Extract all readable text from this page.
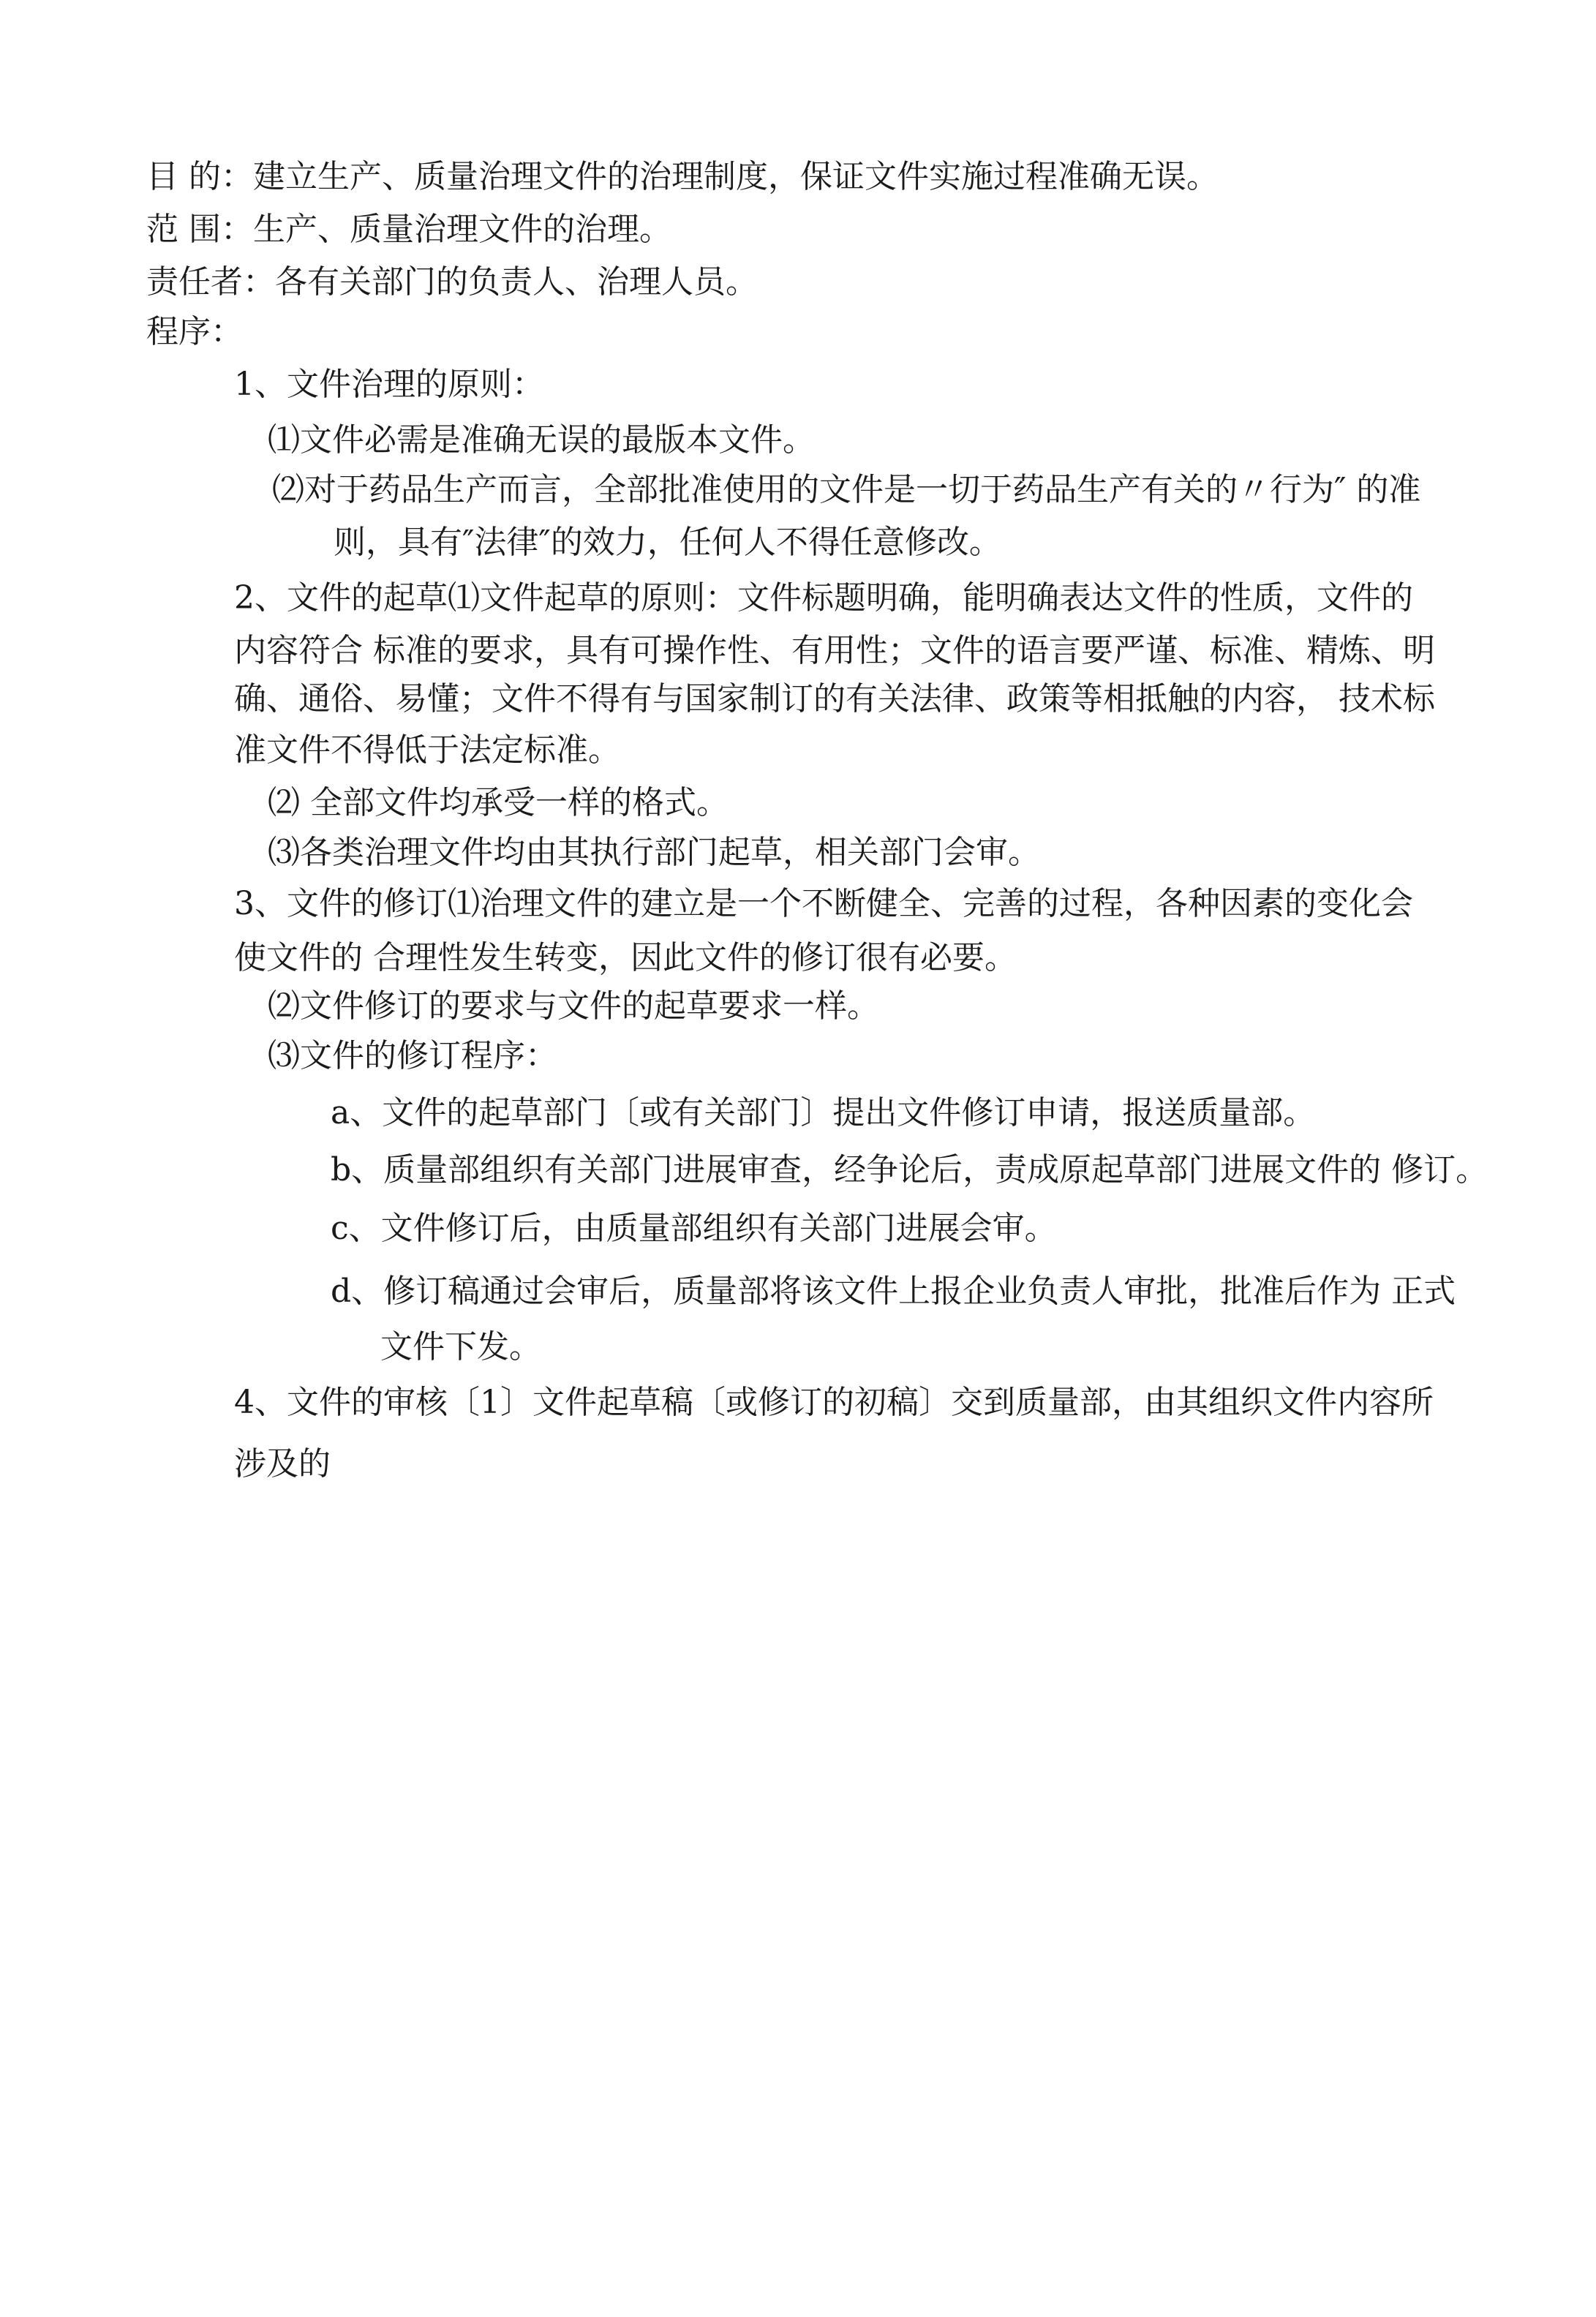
目 的：建立生产、质量治理文件的治理制度，保证文件实施过程准确无误。

范 围：生产、质量治理文件的治理。

责任者：各有关部门的负责人、治理人员。

程序：

1、文件治理的原则：

⑴文件必需是准确无误的最版本文件。

⑵对于药品生产而言，全部批准使用的文件是一切于药品生产有关的〃行为″ 的准

则，具有″法律″的效力，任何人不得任意修改。

2、文件的起草⑴文件起草的原则：文件标题明确，能明确表达文件的性质，文件的

内容符合 标准的要求，具有可操作性、有用性；文件的语言要严谨、标准、精炼、明

确、通俗、易懂；文件不得有与国家制订的有关法律、政策等相抵触的内容， 技术标

准文件不得低于法定标准。

⑵ 全部文件均承受一样的格式。

⑶各类治理文件均由其执行部门起草，相关部门会审。

3、文件的修订⑴治理文件的建立是一个不断健全、完善的过程，各种因素的变化会

使文件的 合理性发生转变，因此文件的修订很有必要。

⑵文件修订的要求与文件的起草要求一样。

⑶文件的修订程序：

a、文件的起草部门〔或有关部门〕提出文件修订申请，报送质量部。

b、质量部组织有关部门进展审查，经争论后，责成原起草部门进展文件的 修订。

c、文件修订后，由质量部组织有关部门进展会审。

d、修订稿通过会审后，质量部将该文件上报企业负责人审批，批准后作为 正式

文件下发。

4、文件的审核〔1〕文件起草稿〔或修订的初稿〕交到质量部，由其组织文件内容所

涉及的
